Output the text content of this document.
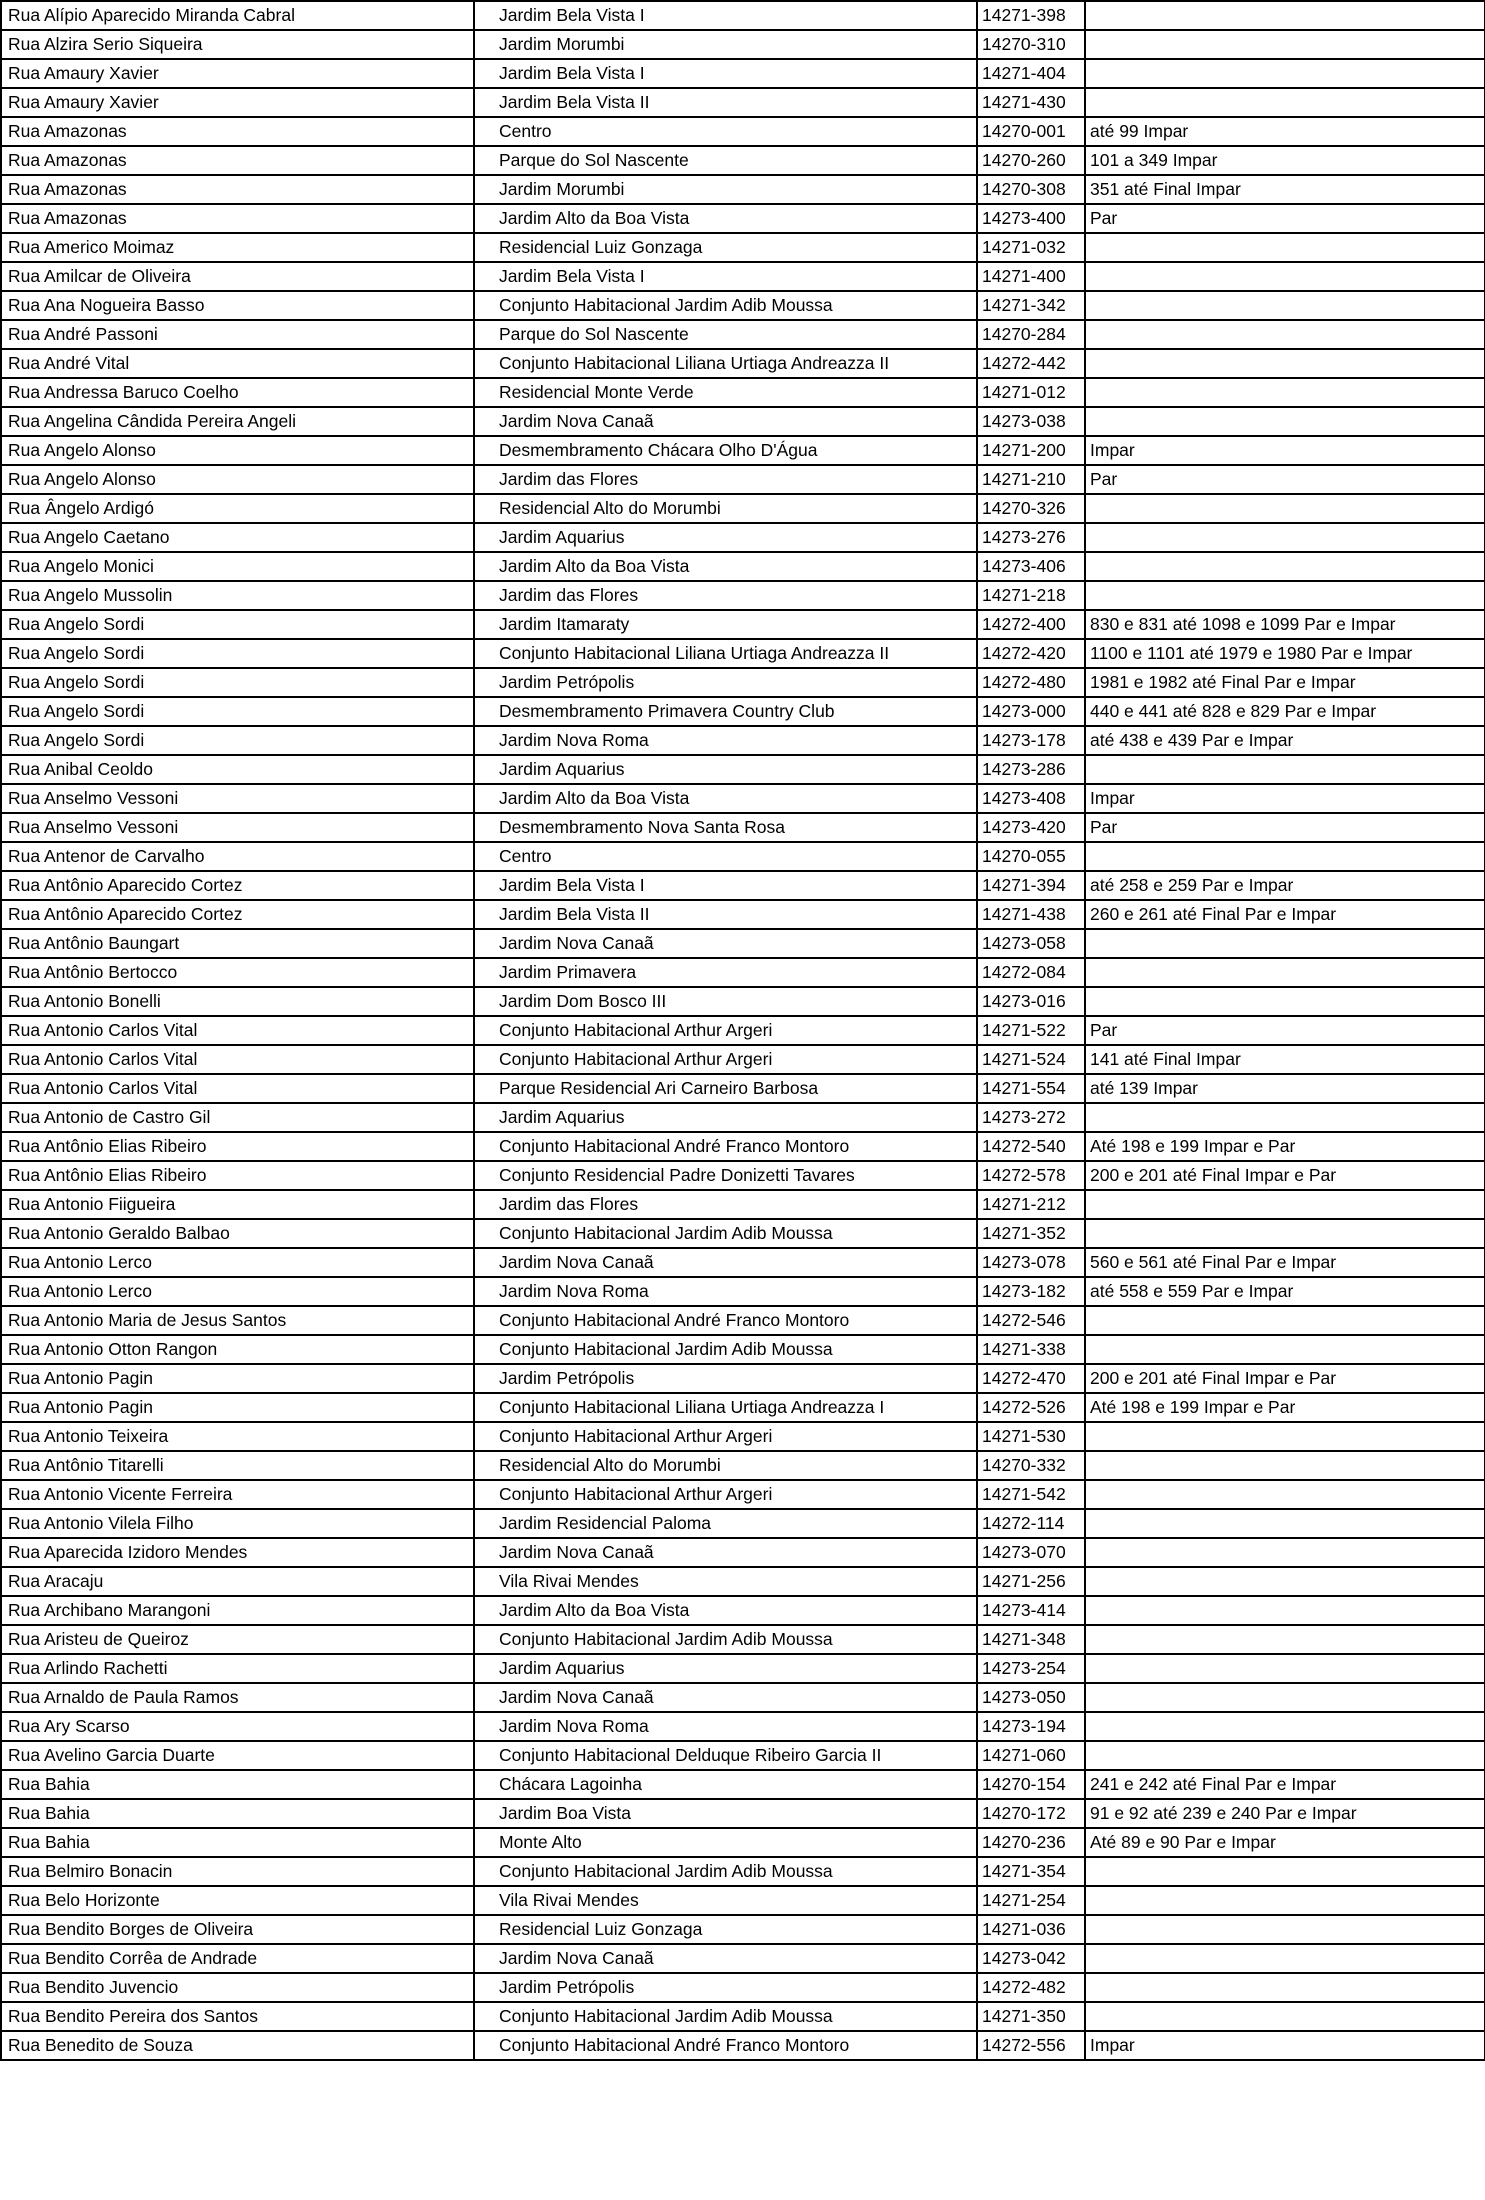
Rua Alípio Aparecido Miranda Cabral	Jardim Bela Vista I	14271-398	
Rua Alzira Serio Siqueira	Jardim Morumbi	14270-310	
Rua Amaury Xavier	Jardim Bela Vista I	14271-404	
Rua Amaury Xavier	Jardim Bela Vista II	14271-430	
Rua Amazonas	Centro	14270-001	até 99 Impar
Rua Amazonas	Parque do Sol Nascente	14270-260	101 a 349 Impar
Rua Amazonas	Jardim Morumbi	14270-308	351 até Final Impar
Rua Amazonas	Jardim Alto da Boa Vista	14273-400	Par
Rua Americo Moimaz	Residencial Luiz Gonzaga	14271-032	
Rua Amilcar de Oliveira	Jardim Bela Vista I	14271-400	
Rua Ana Nogueira Basso	Conjunto Habitacional Jardim Adib Moussa	14271-342	
Rua André Passoni	Parque do Sol Nascente	14270-284	
Rua André Vital	Conjunto Habitacional Liliana Urtiaga Andreazza II	14272-442	
Rua Andressa Baruco Coelho	Residencial Monte Verde	14271-012	
Rua Angelina Cândida Pereira Angeli	Jardim Nova Canaã	14273-038	
Rua Angelo Alonso	Desmembramento Chácara Olho D'Água	14271-200	Impar
Rua Angelo Alonso	Jardim das Flores	14271-210	Par
Rua Ângelo Ardigó	Residencial Alto do Morumbi	14270-326	
Rua Angelo Caetano	Jardim Aquarius	14273-276	
Rua Angelo Monici	Jardim Alto da Boa Vista	14273-406	
Rua Angelo Mussolin	Jardim das Flores	14271-218	
Rua Angelo Sordi	Jardim Itamaraty	14272-400	830 e 831 até 1098 e 1099 Par e Impar
Rua Angelo Sordi	Conjunto Habitacional Liliana Urtiaga Andreazza II	14272-420	1100 e 1101 até 1979 e 1980 Par e Impar
Rua Angelo Sordi	Jardim Petrópolis	14272-480	1981 e 1982 até Final Par e Impar
Rua Angelo Sordi	Desmembramento Primavera Country Club	14273-000	440 e 441 até 828 e 829 Par e Impar
Rua Angelo Sordi	Jardim Nova Roma	14273-178	até 438 e 439 Par e Impar
Rua Anibal Ceoldo	Jardim Aquarius	14273-286	
Rua Anselmo Vessoni	Jardim Alto da Boa Vista	14273-408	Impar
Rua Anselmo Vessoni	Desmembramento Nova Santa Rosa	14273-420	Par
Rua Antenor de Carvalho	Centro	14270-055	
Rua Antônio Aparecido Cortez	Jardim Bela Vista I	14271-394	até 258 e 259 Par e Impar
Rua Antônio Aparecido Cortez	Jardim Bela Vista II	14271-438	260 e 261 até Final Par e Impar
Rua Antônio Baungart	Jardim Nova Canaã	14273-058	
Rua Antônio Bertocco	Jardim Primavera	14272-084	
Rua Antonio Bonelli	Jardim Dom Bosco III	14273-016	
Rua Antonio Carlos Vital	Conjunto Habitacional Arthur Argeri	14271-522	Par
Rua Antonio Carlos Vital	Conjunto Habitacional Arthur Argeri	14271-524	141 até Final Impar
Rua Antonio Carlos Vital	Parque Residencial Ari Carneiro Barbosa	14271-554	até 139 Impar
Rua Antonio de Castro Gil	Jardim Aquarius	14273-272	
Rua Antônio Elias Ribeiro	Conjunto Habitacional André Franco Montoro	14272-540	Até 198 e 199 Impar e Par
Rua Antônio Elias Ribeiro	Conjunto Residencial Padre Donizetti Tavares	14272-578	200 e 201 até Final Impar e Par
Rua Antonio Fiigueira	Jardim das Flores	14271-212	
Rua Antonio Geraldo Balbao	Conjunto Habitacional Jardim Adib Moussa	14271-352	
Rua Antonio Lerco	Jardim Nova Canaã	14273-078	560 e 561 até Final Par e Impar
Rua Antonio Lerco	Jardim Nova Roma	14273-182	até 558 e 559 Par e Impar
Rua Antonio Maria de Jesus Santos	Conjunto Habitacional André Franco Montoro	14272-546	
Rua Antonio Otton Rangon	Conjunto Habitacional Jardim Adib Moussa	14271-338	
Rua Antonio Pagin	Jardim Petrópolis	14272-470	200 e 201 até Final Impar e Par
Rua Antonio Pagin	Conjunto Habitacional Liliana Urtiaga Andreazza I	14272-526	Até 198 e 199 Impar e Par
Rua Antonio Teixeira	Conjunto Habitacional Arthur Argeri	14271-530	
Rua Antônio Titarelli	Residencial Alto do Morumbi	14270-332	
Rua Antonio Vicente Ferreira	Conjunto Habitacional Arthur Argeri	14271-542	
Rua Antonio Vilela Filho	Jardim Residencial Paloma	14272-114	
Rua Aparecida Izidoro Mendes	Jardim Nova Canaã	14273-070	
Rua Aracaju	Vila Rivai Mendes	14271-256	
Rua Archibano Marangoni	Jardim Alto da Boa Vista	14273-414	
Rua Aristeu de Queiroz	Conjunto Habitacional Jardim Adib Moussa	14271-348	
Rua Arlindo Rachetti	Jardim Aquarius	14273-254	
Rua Arnaldo de Paula Ramos	Jardim Nova Canaã	14273-050	
Rua Ary Scarso	Jardim Nova Roma	14273-194	
Rua Avelino Garcia Duarte	Conjunto Habitacional Delduque Ribeiro Garcia II	14271-060	
Rua Bahia	Chácara Lagoinha	14270-154	241 e 242 até Final Par e Impar
Rua Bahia	Jardim Boa Vista	14270-172	91 e 92 até 239 e 240 Par e Impar
Rua Bahia	Monte Alto	14270-236	Até 89 e 90 Par e Impar
Rua Belmiro Bonacin	Conjunto Habitacional Jardim Adib Moussa	14271-354	
Rua Belo Horizonte	Vila Rivai Mendes	14271-254	
Rua Bendito Borges de Oliveira	Residencial Luiz Gonzaga	14271-036	
Rua Bendito Corrêa de Andrade	Jardim Nova Canaã	14273-042	
Rua Bendito Juvencio	Jardim Petrópolis	14272-482	
Rua Bendito Pereira dos Santos	Conjunto Habitacional Jardim Adib Moussa	14271-350	
Rua Benedito de Souza	Conjunto Habitacional André Franco Montoro	14272-556	Impar
